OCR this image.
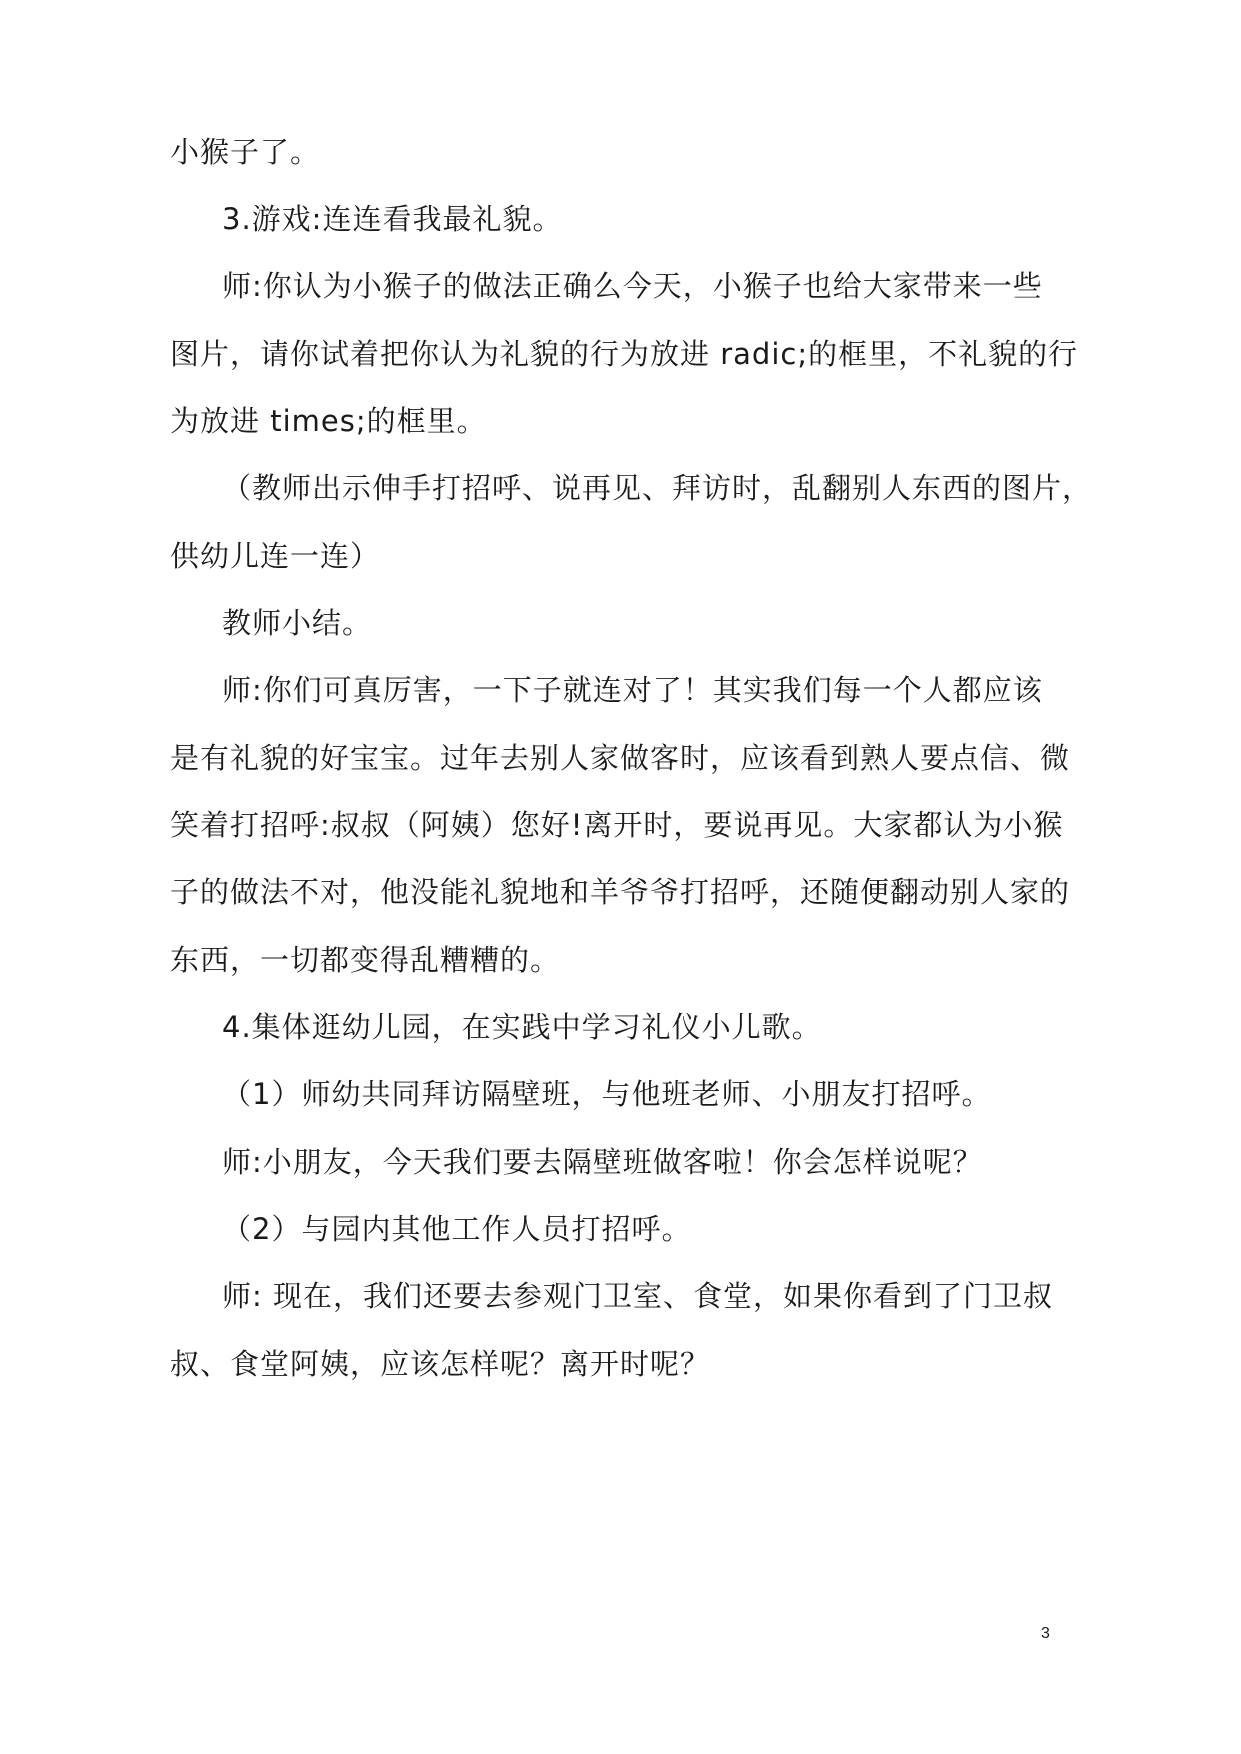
小猴子了。
3.游戏:连连看我最礼貌。
师:你认为小猴子的做法正确么今天，小猴子也给大家带来一些
图片，请你试着把你认为礼貌的行为放进 radic;的框里，不礼貌的行
为放进 times;的框里。
（教师出示伸手打招呼、说再见、拜访时，乱翻别人东西的图片，
供幼儿连一连）
教师小结。
师:你们可真厉害，一下子就连对了！其实我们每一个人都应该
是有礼貌的好宝宝。过年去别人家做客时，应该看到熟人要点信、微
笑着打招呼:叔叔（阿姨）您好!离开时，要说再见。大家都认为小猴
子的做法不对，他没能礼貌地和羊爷爷打招呼，还随便翻动别人家的
东西，一切都变得乱糟糟的。
4.集体逛幼儿园，在实践中学习礼仪小儿歌。
（1）师幼共同拜访隔壁班，与他班老师、小朋友打招呼。
师:小朋友，今天我们要去隔壁班做客啦！你会怎样说呢？
（2）与园内其他工作人员打招呼。
师: 现在，我们还要去参观门卫室、食堂，如果你看到了门卫叔
叔、食堂阿姨，应该怎样呢？离开时呢？
3
